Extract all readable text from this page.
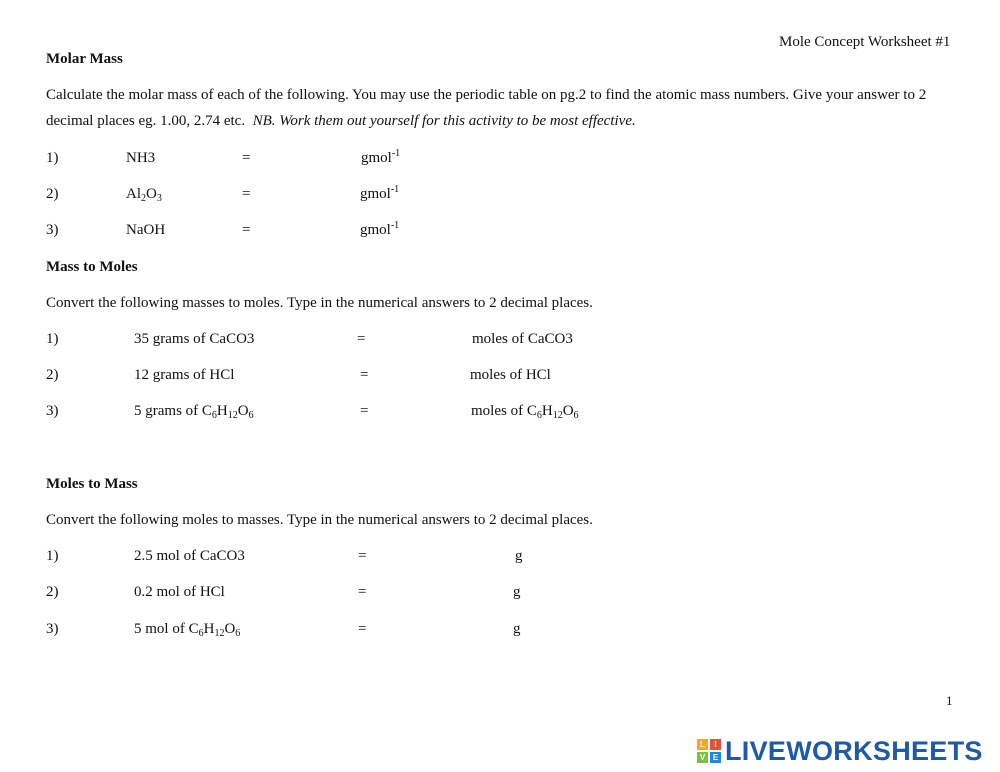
Mole Concept Worksheet #1
Molar Mass
Calculate the molar mass of each of the following. You may use the periodic table on pg.2 to find the atomic mass numbers. Give your answer to 2
decimal places eg. 1.00, 2.74 etc. NB. Work them out yourself for this activity to be most effective.
1)	NH3	=	gmol$^{-1}$
2)	$Al_2O_3$	=	gmol$^{-1}$
3)	NaOH	=	gmol$^{-1}$
Mass to Moles
Convert the following masses to moles. Type in the numerical answers to 2 decimal places.
1)	35 grams of CaCO3	=	moles of CaCO3
2)	12 grams of HCl	=	moles of HCl
3)	5 grams of $C_6H_{12}O_6$	=	moles of $C_6H_{12}O_6$
Moles to Mass
Convert the following moles to masses. Type in the numerical answers to 2 decimal places.
1)	2.5 mol of CaCO3	=	g
2)	0.2 mol of HCl	=	g
3)	5 mol of $C_6H_{12}O_6$	=	g
1
L	I
V E LIVEWORKSHEETS
